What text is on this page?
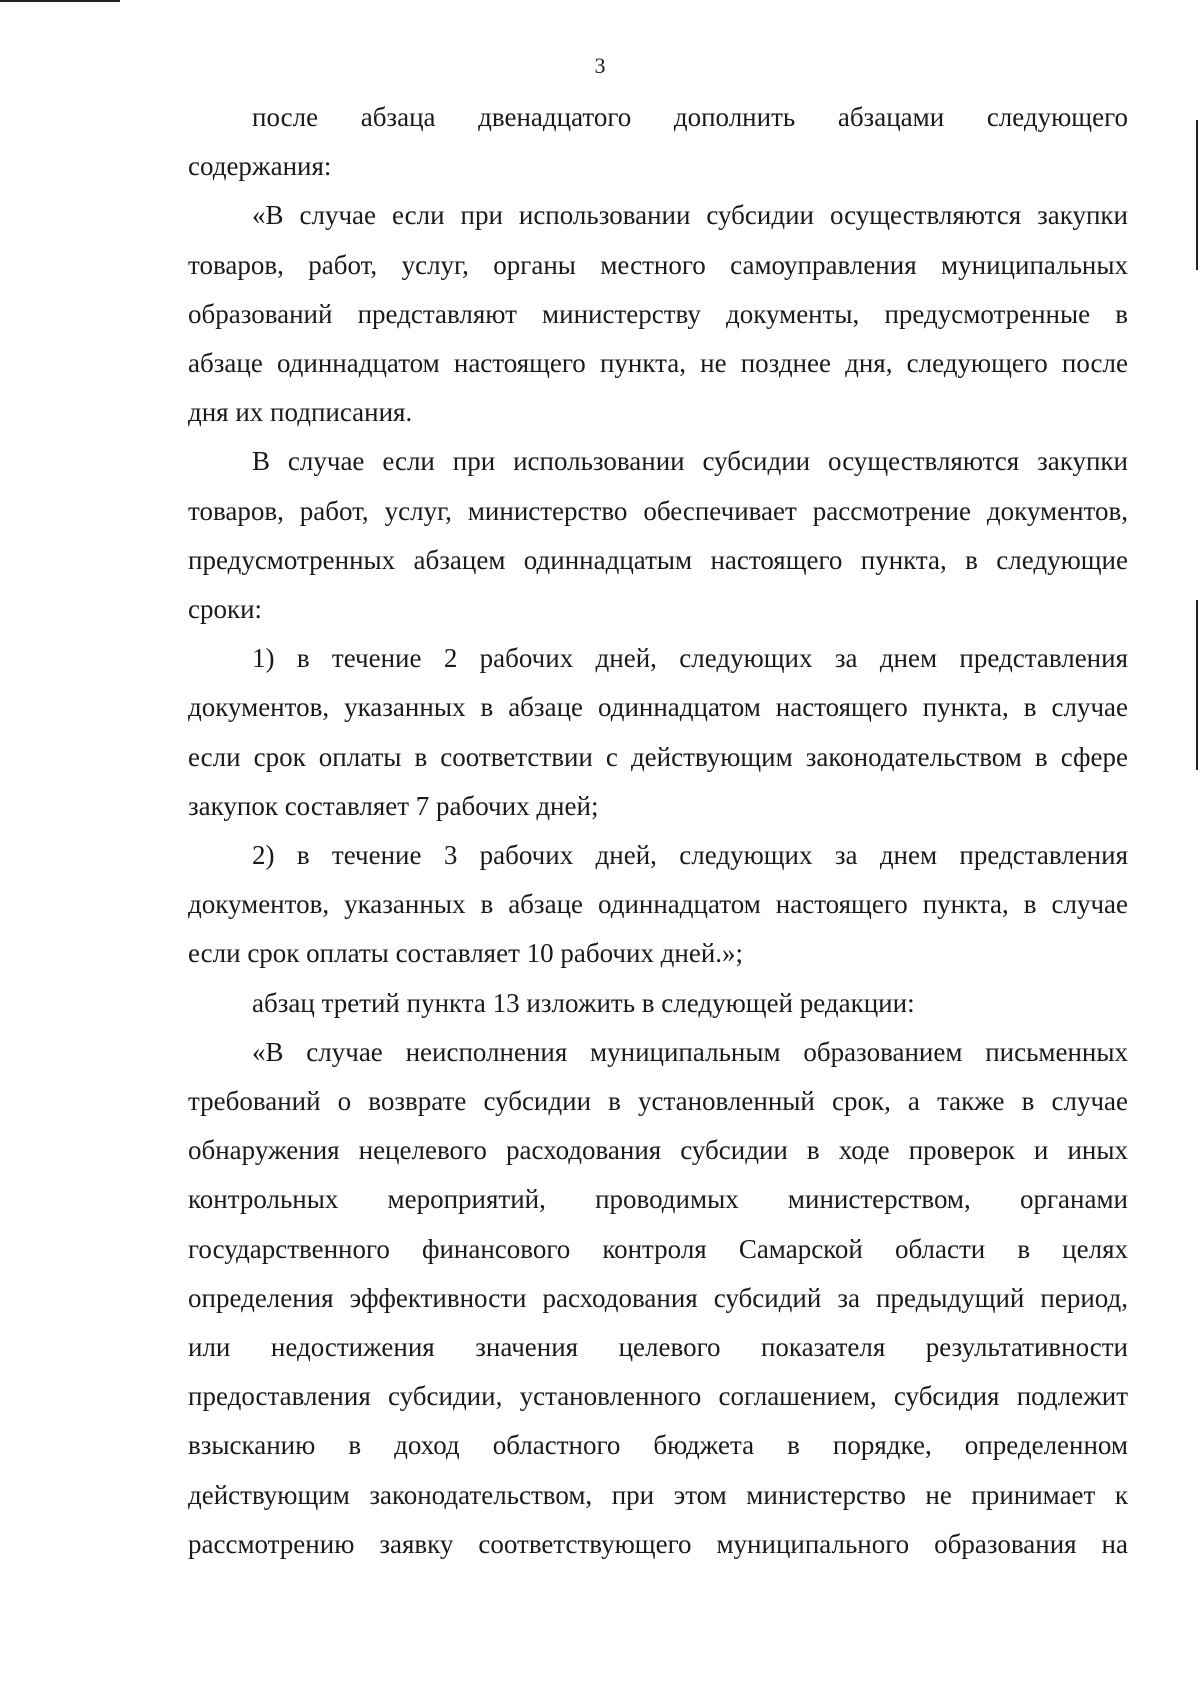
3
после абзаца двенадцатого дополнить абзацами следующего
содержания:
«В случае если при использовании субсидии осуществляются закупки
товаров, работ, услуг, органы местного самоуправления муниципальных
образований представляют министерству документы, предусмотренные в
абзаце одиннадцатом настоящего пункта, не позднее дня, следующего после
дня их подписания.
В случае если при использовании субсидии осуществляются закупки
товаров, работ, услуг, министерство обеспечивает рассмотрение документов,
предусмотренных абзацем одиннадцатым настоящего пункта, в следующие
сроки:
1) в течение 2 рабочих дней, следующих за днем представления
документов, указанных в абзаце одиннадцатом настоящего пункта, в случае
если срок оплаты в соответствии с действующим законодательством в сфере
закупок составляет 7 рабочих дней;
2) в течение 3 рабочих дней, следующих за днем представления
документов, указанных в абзаце одиннадцатом настоящего пункта, в случае
если срок оплаты составляет 10 рабочих дней.»;
абзац третий пункта 13 изложить в следующей редакции:
«В случае неисполнения муниципальным образованием письменных
требований о возврате субсидии в установленный срок, а также в случае
обнаружения нецелевого расходования субсидии в ходе проверок и иных
контрольных мероприятий, проводимых министерством, органами
государственного финансового контроля Самарской области в целях
определения эффективности расходования субсидий за предыдущий период,
или недостижения значения целевого показателя результативности
предоставления субсидии, установленного соглашением, субсидия подлежит
взысканию в доход областного бюджета в порядке, определенном
действующим законодательством, при этом министерство не принимает к
рассмотрению заявку соответствующего муниципального образования на
